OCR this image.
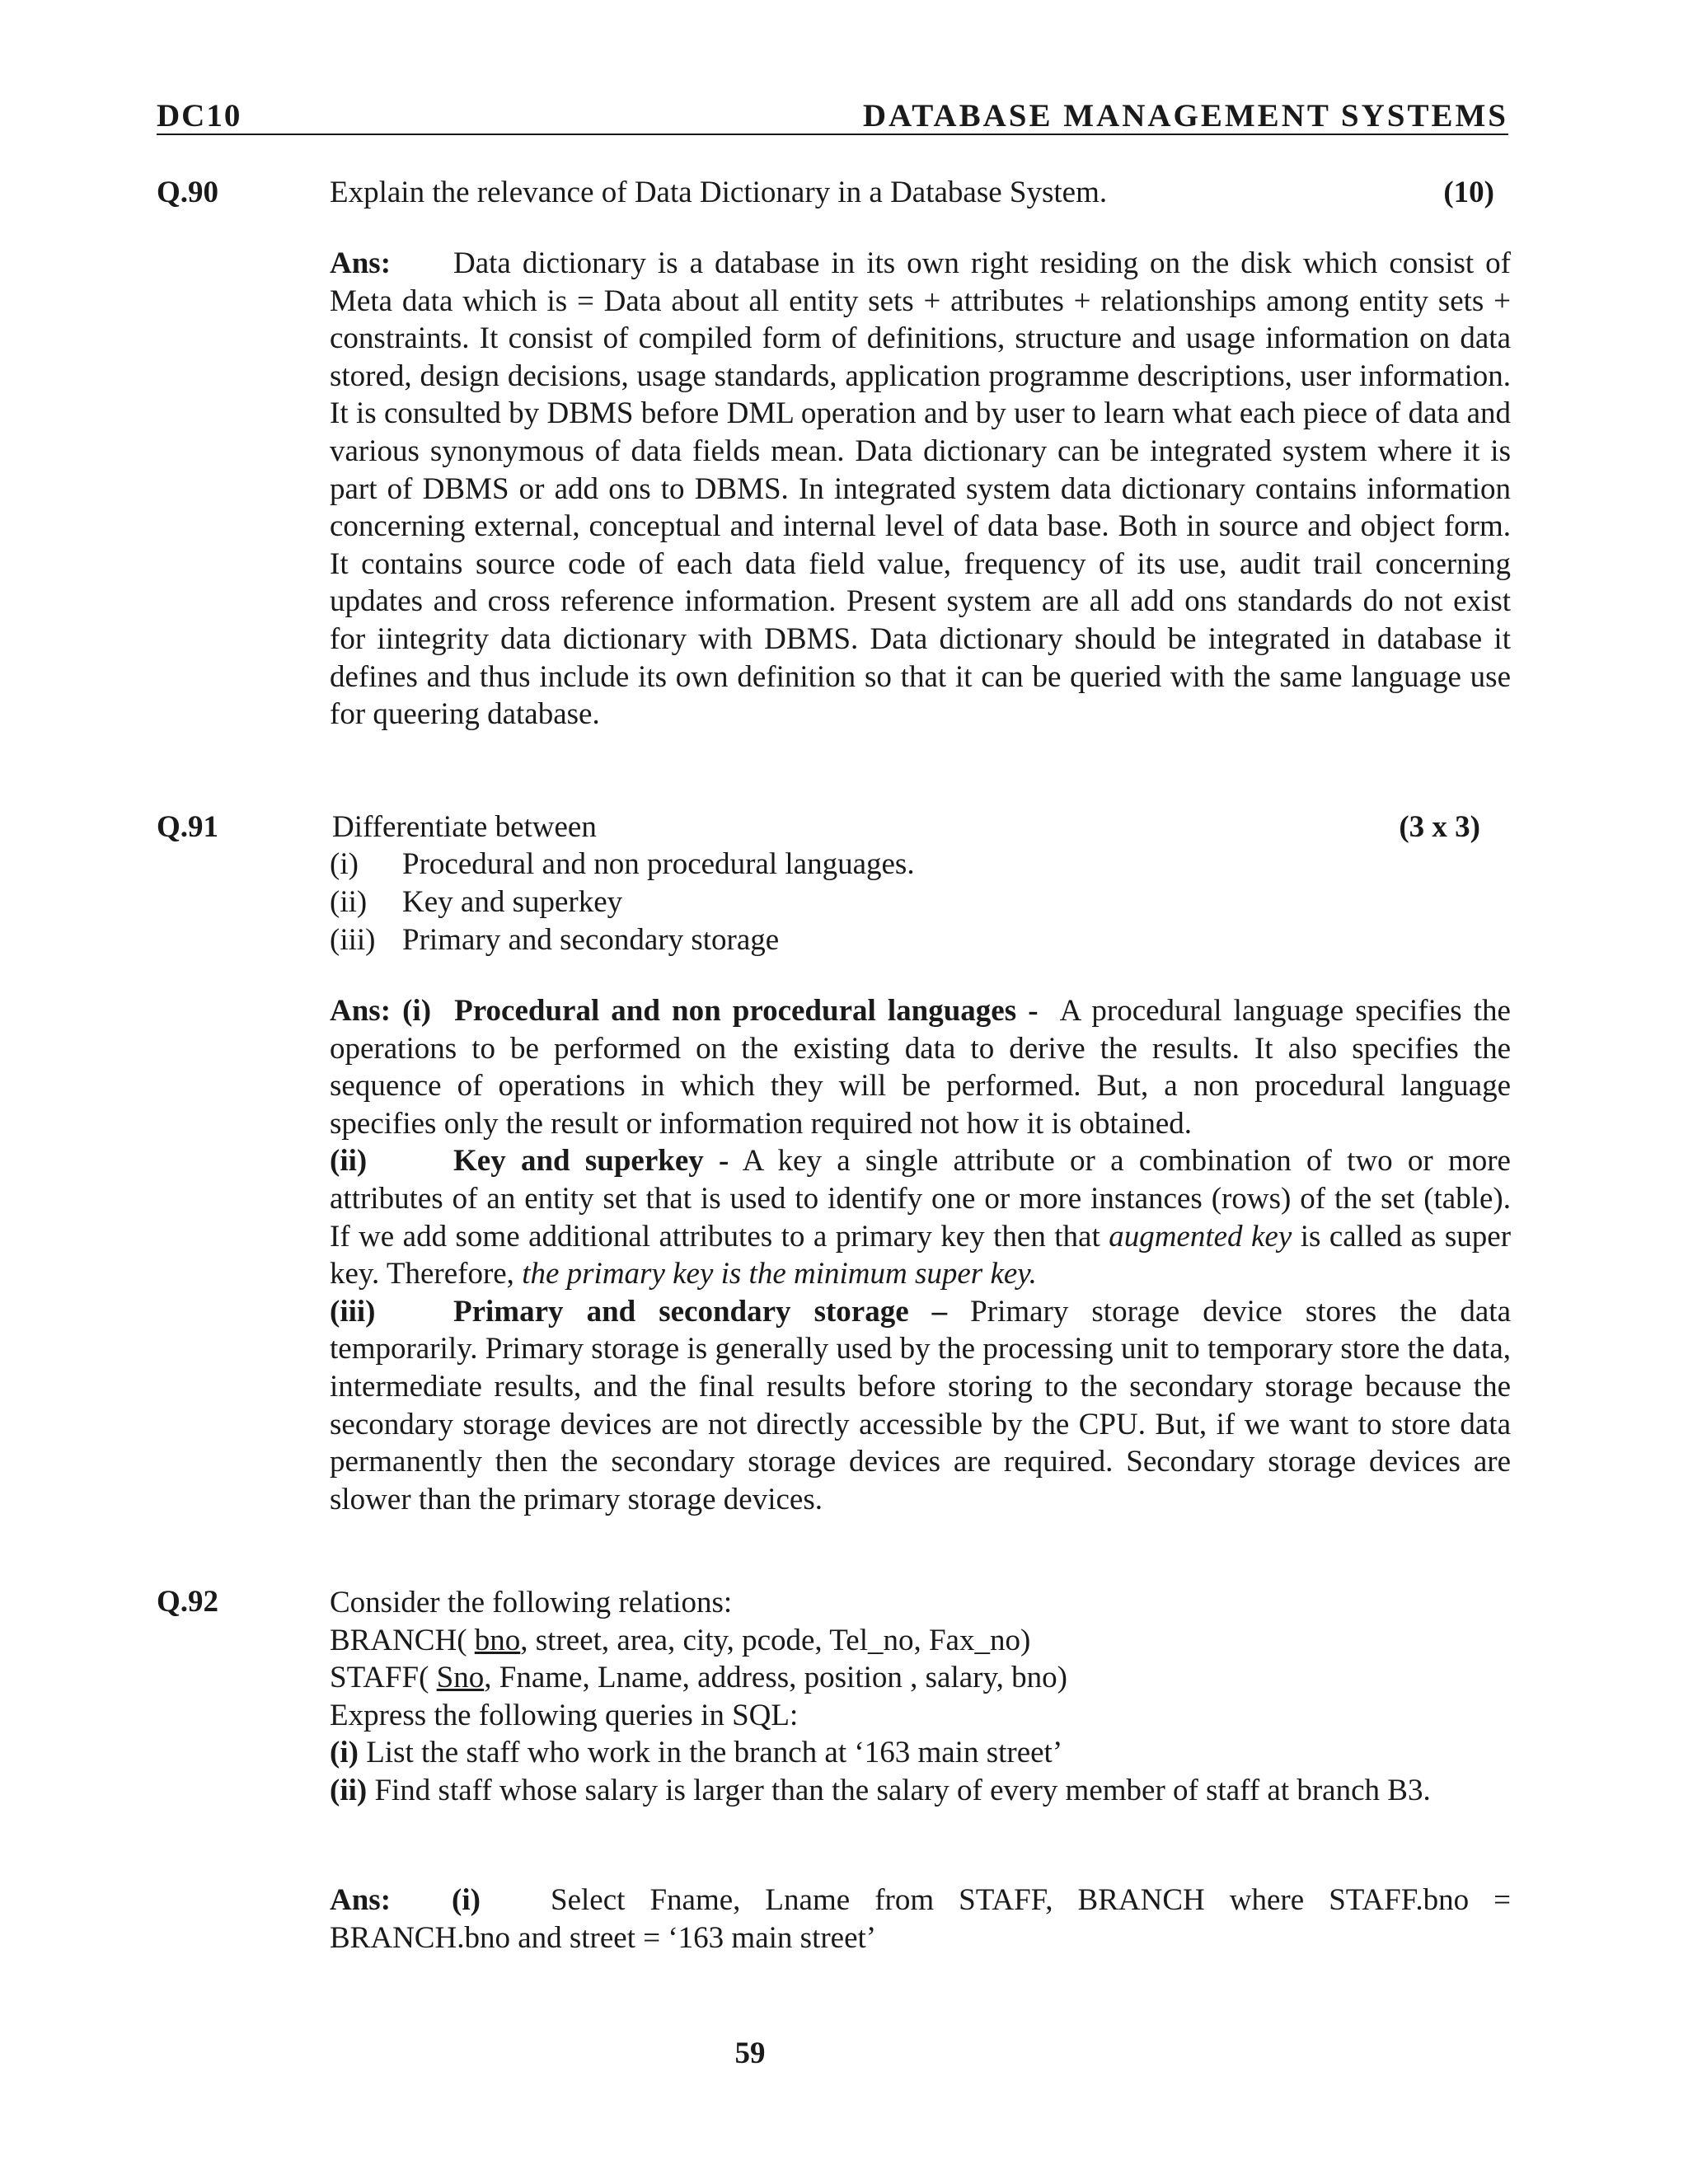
DC10	DATABASE MANAGEMENT SYSTEMS
Q.90	Explain the relevance of Data Dictionary in a Database System.	(10)
Ans: Data dictionary is a database in its own right residing on the disk which consist of Meta data which is = Data about all entity sets + attributes + relationships among entity sets + constraints. It consist of compiled form of definitions, structure and usage information on data stored, design decisions, usage standards, application programme descriptions, user information. It is consulted by DBMS before DML operation and by user to learn what each piece of data and various synonymous of data fields mean. Data dictionary can be integrated system where it is part of DBMS or add ons to DBMS. In integrated system data dictionary contains information concerning external, conceptual and internal level of data base. Both in source and object form. It contains source code of each data field value, frequency of its use, audit trail concerning updates and cross reference information. Present system are all add ons standards do not exist for iintegrity data dictionary with DBMS. Data dictionary should be integrated in database it defines and thus include its own definition so that it can be queried with the same language use for queering database.
Q.91	Differentiate between	(3 x 3)
(i) Procedural and non procedural languages.
(ii) Key and superkey
(iii) Primary and secondary storage
Ans: (i) Procedural and non procedural languages - A procedural language specifies the operations to be performed on the existing data to derive the results. It also specifies the sequence of operations in which they will be performed. But, a non procedural language specifies only the result or information required not how it is obtained.
(ii)	Key and superkey - A key a single attribute or a combination of two or more attributes of an entity set that is used to identify one or more instances (rows) of the set (table). If we add some additional attributes to a primary key then that augmented key is called as super key. Therefore, the primary key is the minimum super key.
(iii)	Primary and secondary storage – Primary storage device stores the data temporarily. Primary storage is generally used by the processing unit to temporary store the data, intermediate results, and the final results before storing to the secondary storage because the secondary storage devices are not directly accessible by the CPU. But, if we want to store data permanently then the secondary storage devices are required. Secondary storage devices are slower than the primary storage devices.
Q.92	Consider the following relations:
BRANCH( bno, street, area, city, pcode, Tel_no, Fax_no)
STAFF( Sno, Fname, Lname, address, position , salary, bno)
Express the following queries in SQL:
(i) List the staff who work in the branch at ‘163 main street’

(ii) Find staff whose salary is larger than the salary of every member of staff at branch B3.
Ans: (i) Select Fname, Lname from STAFF, BRANCH where STAFF.bno = BRANCH.bno and street = ‘163 main street’
59
